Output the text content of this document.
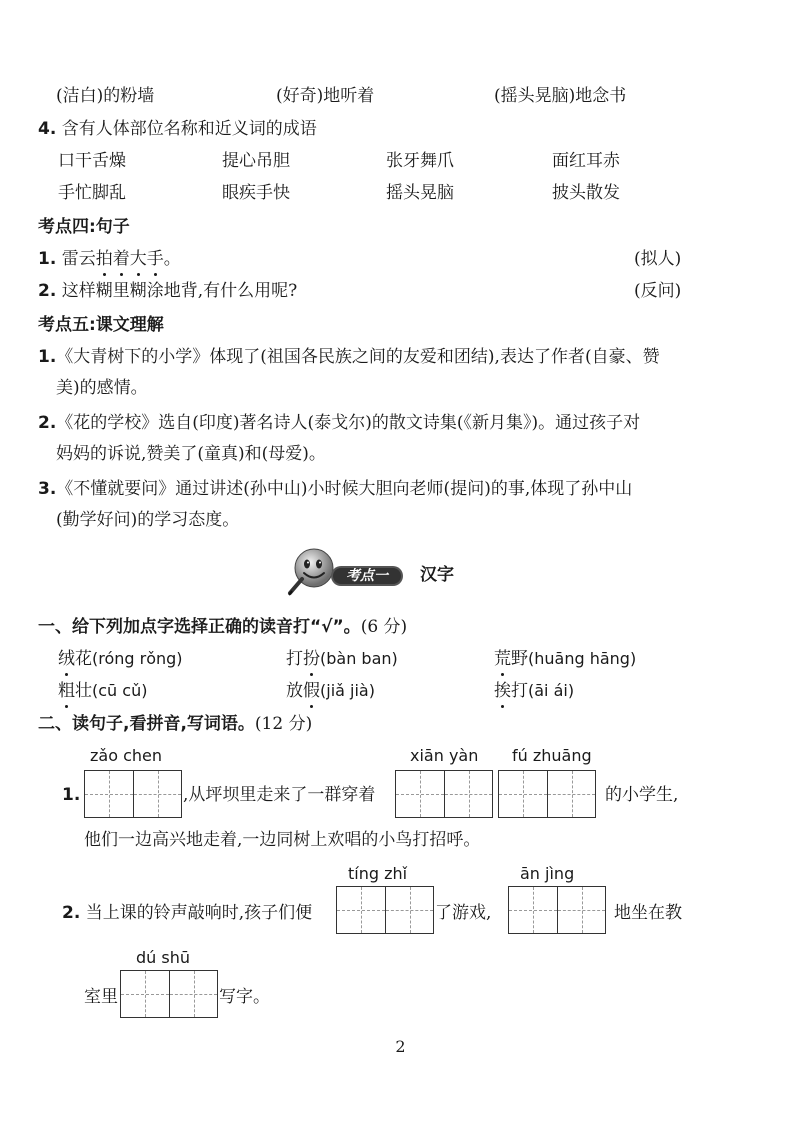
(洁白)的粉墙	(好奇)地听着	(摇头晃脑)地念书
4. 含有人体部位名称和近义词的成语
口干舌燥	提心吊胆	张牙舞爪	面红耳赤
手忙脚乱	眼疾手快	摇头晃脑	披头散发
考点四:句子
1. 雷云拍着大手。	(拟人)
2. 这样糊里糊涂地背,有什么用呢?	(反问)
考点五:课文理解
1.《大青树下的小学》体现了(祖国各民族之间的友爱和团结),表达了作者(自豪、赞
美)的感情。
2.《花的学校》选自(印度)著名诗人(泰戈尔)的散文诗集(《新月集》)。通过孩子对
妈妈的诉说,赞美了(童真)和(母爱)。
3.《不懂就要问》通过讲述(孙中山)小时候大胆向老师(提问)的事,体现了孙中山
(勤学好问)的学习态度。
考点一	汉字
一、给下列加点字选择正确的读音打“√”。(6 分)
绒花(róng rǒng)	打扮(bàn ban)	荒野(huāng hāng)
粗壮(cū cǔ)	放假(jiǎ jià)	挨打(āi ái)
二、读句子,看拼音,写词语。(12 分)
zǎo chen	xiān yàn fú zhuāng
1.	,从坪坝里走来了一群穿着	的小学生,
他们一边高兴地走着,一边同树上欢唱的小鸟打招呼。
tíng zhǐ	ān jìng
2. 当上课的铃声敲响时,孩子们便	了游戏,	地坐在教
dú shū
室里	写字。
2
